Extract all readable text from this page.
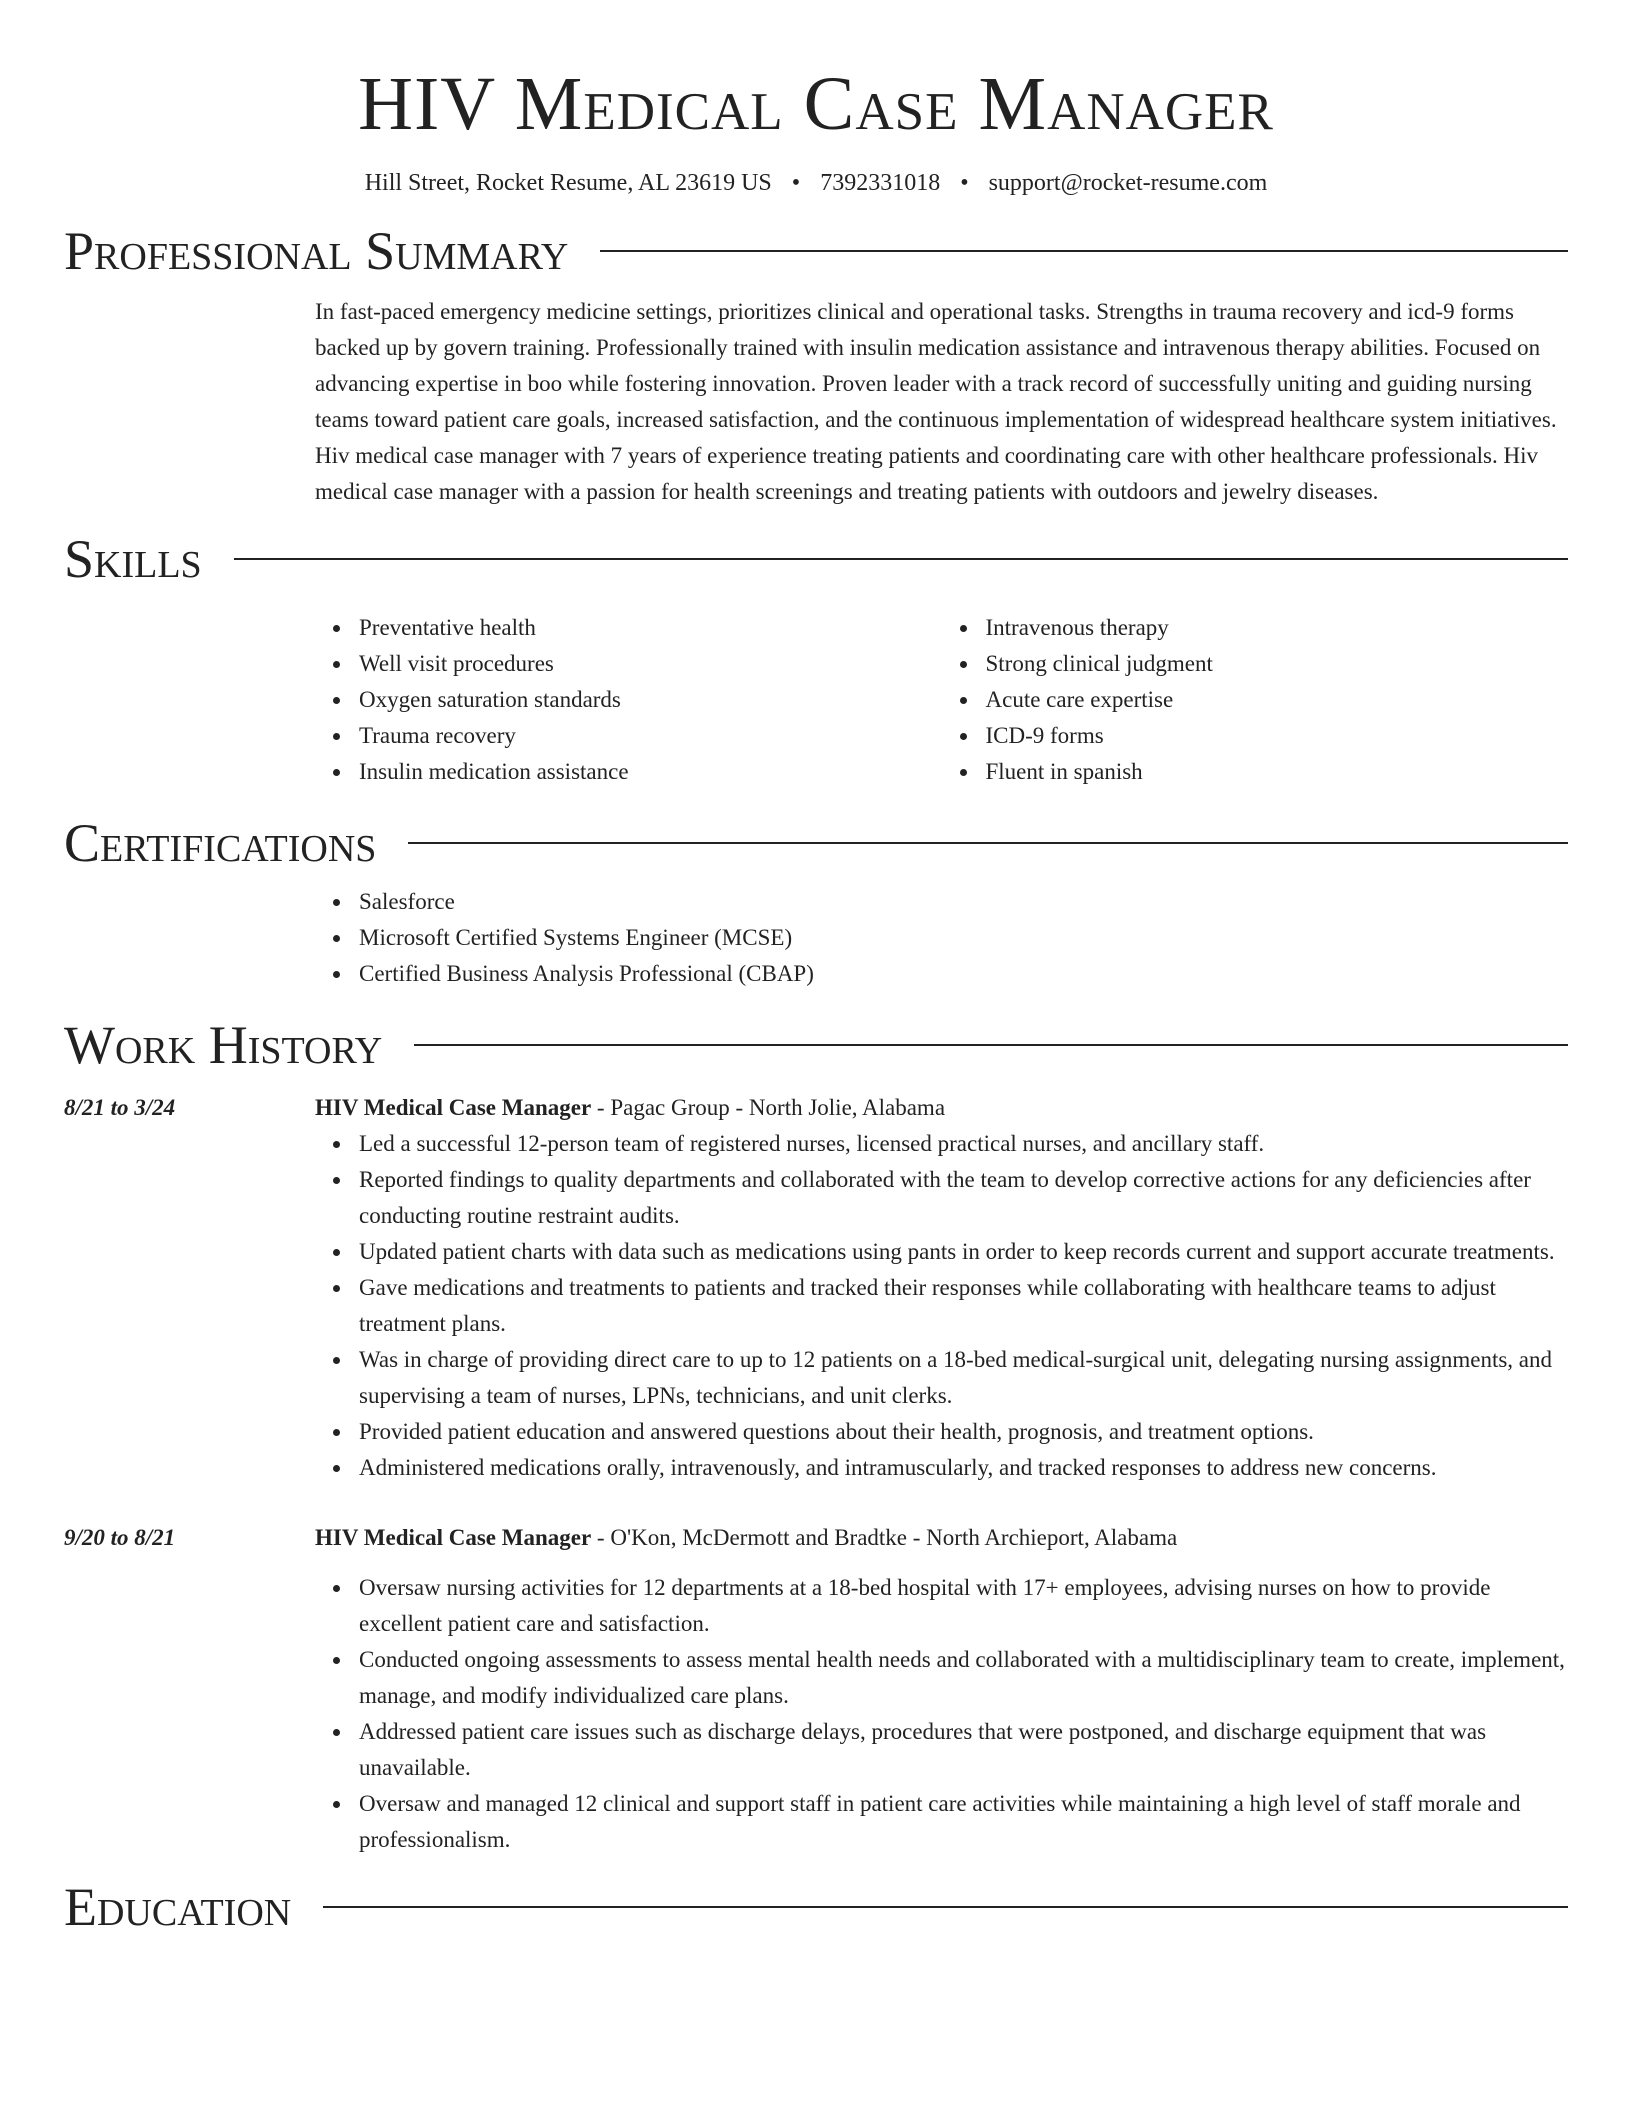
HIV Medical Case Manager
Hill Street, Rocket Resume, AL 23619 US • 7392331018 • support@rocket-resume.com
Professional Summary

In fast-paced emergency medicine settings, prioritizes clinical and operational tasks. Strengths in trauma recovery and icd-9 forms backed up by govern training. Professionally trained with insulin medication assistance and intravenous therapy abilities. Focused on advancing expertise in boo while fostering innovation. Proven leader with a track record of successfully uniting and guiding nursing teams toward patient care goals, increased satisfaction, and the continuous implementation of widespread healthcare system initiatives. Hiv medical case manager with 7 years of experience treating patients and coordinating care with other healthcare professionals. Hiv medical case manager with a passion for health screenings and treating patients with outdoors and jewelry diseases.

Skills
Preventative health
Well visit procedures
Oxygen saturation standards
Trauma recovery
Insulin medication assistance
Intravenous therapy
Strong clinical judgment
Acute care expertise
ICD-9 forms
Fluent in spanish
Certifications
Salesforce
Microsoft Certified Systems Engineer (MCSE)
Certified Business Analysis Professional (CBAP)
Work History
8/21 to 3/24	HIV Medical Case Manager - Pagac Group - North Jolie, Alabama

Led a successful 12-person team of registered nurses, licensed practical nurses, and ancillary staff.
Reported findings to quality departments and collaborated with the team to develop corrective actions for any deficiencies after conducting routine restraint audits.
Updated patient charts with data such as medications using pants in order to keep records current and support accurate treatments.
Gave medications and treatments to patients and tracked their responses while collaborating with healthcare teams to adjust treatment plans.
Was in charge of providing direct care to up to 12 patients on a 18-bed medical-surgical unit, delegating nursing assignments, and supervising a team of nurses, LPNs, technicians, and unit clerks.
Provided patient education and answered questions about their health, prognosis, and treatment options.
Administered medications orally, intravenously, and intramuscularly, and tracked responses to address new concerns.
9/20 to 8/21	HIV Medical Case Manager - O'Kon, McDermott and Bradtke - North Archieport, Alabama

Oversaw nursing activities for 12 departments at a 18-bed hospital with 17+ employees, advising nurses on how to provide excellent patient care and satisfaction.
Conducted ongoing assessments to assess mental health needs and collaborated with a multidisciplinary team to create, implement, manage, and modify individualized care plans.
Addressed patient care issues such as discharge delays, procedures that were postponed, and discharge equipment that was unavailable.
Oversaw and managed 12 clinical and support staff in patient care activities while maintaining a high level of staff morale and professionalism.
Education
